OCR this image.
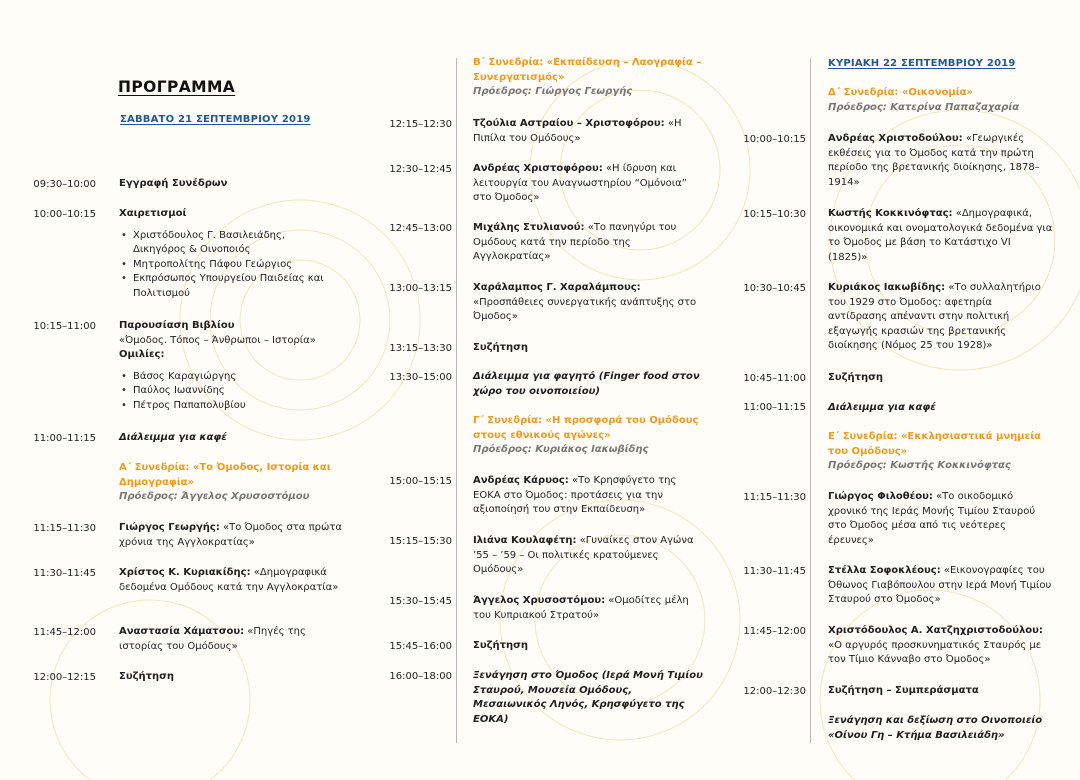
ΠΡΟΓΡΑΜΜΑ
ΣΑΒΒΑΤΟ 21 ΣΕΠΤΕΜΒΡΙΟΥ 2019
09:30–10:00 Εγγραφή Συνέδρων
10:00–10:15 Χαιρετισμοί
• Χριστόδουλος Γ. Βασιλειάδης, Δικηγόρος & Οινοποιός
• Μητροπολίτης Πάφου Γεώργιος
• Εκπρόσωπος Υπουργείου Παιδείας και Πολιτισμού
10:15–11:00 Παρουσίαση Βιβλίου
«Όμοδος. Τόπος – Άνθρωποι – Ιστορία»
Ομιλίες:
• Βάσος Καραγιώργης
• Παύλος Ιωαννίδης
• Πέτρος Παπαπολυβίου
11:00–11:15 Διάλειμμα για καφέ
Α΄ Συνεδρία: «Το Όμοδος, Ιστορία και Δημογραφία»
Πρόεδρος: Άγγελος Χρυσοστόμου
11:15–11:30 Γιώργος Γεωργής: «Το Όμοδος στα πρώτα χρόνια της Αγγλοκρατίας»
11:30–11:45 Χρίστος Κ. Κυριακίδης: «Δημογραφικά δεδομένα Ομόδους κατά την Αγγλοκρατία»
11:45–12:00 Αναστασία Χάματσου: «Πηγές της ιστορίας του Ομόδους»
12:00–12:15 Συζήτηση
Β΄ Συνεδρία: «Εκπαίδευση – Λαογραφία – Συνεργατισμός»
Πρόεδρος: Γιώργος Γεωργής
12:15–12:30 Τζούλια Αστραίου – Χριστοφόρου: «Η Πιπίλα του Ομόδους»
12:30–12:45 Ανδρέας Χριστοφόρου: «Η ίδρυση και λειτουργία του Αναγνωστηρίου “Ομόνοια” στο Όμοδος»
12:45–13:00 Μιχάλης Στυλιανού: «Το πανηγύρι του Ομόδους κατά την περίοδο της Αγγλοκρατίας»
13:00–13:15 Χαράλαμπος Γ. Χαραλάμπους: «Προσπάθειες συνεργατικής ανάπτυξης στο Όμοδος»
13:15–13:30 Συζήτηση
13:30–15:00 Διάλειμμα για φαγητό (Finger food στον χώρο του οινοποιείου)
Γ΄ Συνεδρία: «Η προσφορά του Ομόδους στους εθνικούς αγώνες»
Πρόεδρος: Κυριάκος Ιακωβίδης
15:00–15:15 Ανδρέας Κάρυος: «Το Κρησφύγετο της ΕΟΚΑ στο Όμοδος: προτάσεις για την αξιοποίησή του στην Εκπαίδευση»
15:15–15:30 Ιλιάνα Κουλαφέτη: «Γυναίκες στον Αγώνα ’55 – ’59 – Οι πολιτικές κρατούμενες Ομόδους»
15:30–15:45 Άγγελος Χρυσοστόμου: «Ομοδίτες μέλη του Κυπριακού Στρατού»
15:45–16:00 Συζήτηση
16:00–18:00 Ξενάγηση στο Όμοδος (Ιερά Μονή Τιμίου Σταυρού, Μουσεία Ομόδους, Μεσαιωνικός Ληνός, Κρησφύγετο της ΕΟΚΑ)
ΚΥΡΙΑΚΗ 22 ΣΕΠΤΕΜΒΡΙΟΥ 2019
Δ΄ Συνεδρία: «Οικονομία»
Πρόεδρος: Κατερίνα Παπαζαχαρία
10:00–10:15 Ανδρέας Χριστοδούλου: «Γεωργικές εκθέσεις για το Όμοδος κατά την πρώτη περίοδο της βρετανικής διοίκησης, 1878–1914»
10:15–10:30 Κωστής Κοκκινόφτας: «Δημογραφικά, οικονομικά και ονοματολογικά δεδομένα για το Όμοδος με βάση το Κατάστιχο VI (1825)»
10:30–10:45 Κυριάκος Ιακωβίδης: «Το συλλαλητήριο του 1929 στο Όμοδος: αφετηρία αντίδρασης απέναντι στην πολιτική εξαγωγής κρασιών της βρετανικής διοίκησης (Νόμος 25 του 1928)»
10:45–11:00 Συζήτηση
11:00–11:15 Διάλειμμα για καφέ
Ε΄ Συνεδρία: «Εκκλησιαστικά μνημεία του Ομόδους»
Πρόεδρος: Κωστής Κοκκινόφτας
11:15–11:30 Γιώργος Φιλοθέου: «Το οικοδομικό χρονικό της Ιεράς Μονής Τιμίου Σταυρού στο Όμοδος μέσα από τις νεότερες έρευνες»
11:30–11:45 Στέλλα Σοφοκλέους: «Εικονογραφίες του Όθωνος Γιαβόπουλου στην Ιερά Μονή Τιμίου Σταυρού στο Όμοδος»
11:45–12:00 Χριστόδουλος Α. Χατζηχριστοδούλου: «Ο αργυρός προσκυνηματικός Σταυρός με τον Τίμιο Κάνναβο στο Όμοδος»
12:00–12:30 Συζήτηση – Συμπεράσματα
Ξενάγηση και δεξίωση στο Οινοποιείο «Οίνου Γη – Κτήμα Βασιλειάδη»
